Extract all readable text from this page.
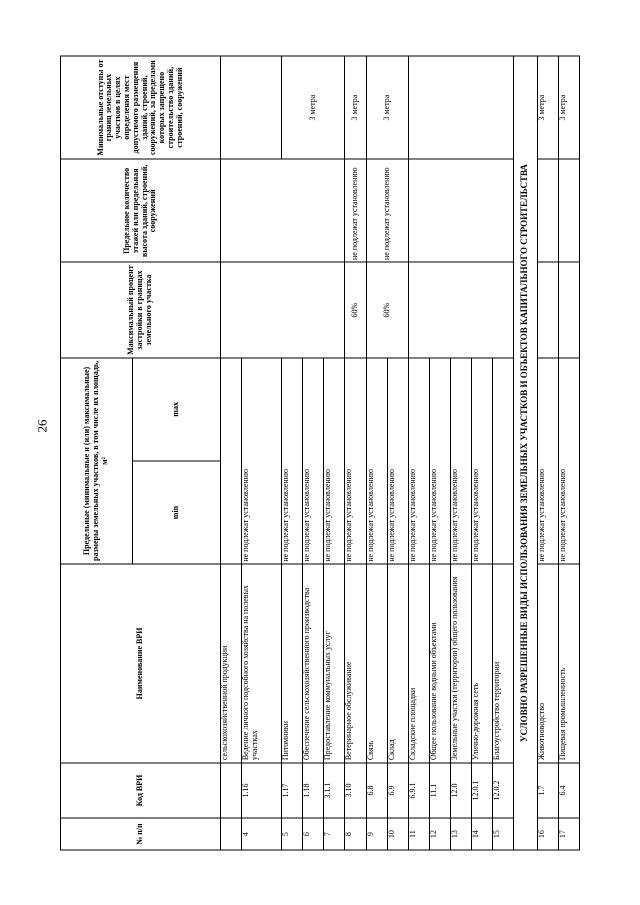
26
№ п/п	Код ВРИ	Наименование ВРИ	Предельные (минимальные и (или) максимальные) размеры земельных участков, в том числе их площадь, м²		Максимальный процент застройки в границах земельного участка	Предельное количество этажей или предельная высота зданий, строений, сооружений	Минимальные отступы от границ земельных участков в целях определения мест допустимого размещения зданий, строений, сооружений, за пределами которых запрещено строительство зданий, строений, сооружений
			min	max			
		сельскохозяйственной продукции					
4	1.16	Ведение личного подсобного хозяйства на полевых участках	не подлежат установлению				
5	1.17	Питомники	не подлежат установлению				3 метра
6	1.18	Обеспечение сельскохозяйственного производства	не подлежат установлению				
7	3.1.1	Предоставление коммунальных услуг	не подлежат установлению				
8	3.10	Ветеринарное обслуживание	не подлежат установлению		60%	не подлежат установлению	3 метра
9	6.8	Связь	не подлежат установлению		60%	не подлежат установлению	3 метра
10	6.9	Склад	не подлежат установлению				
11	6.9.1	Складские площадки	не подлежат установлению				
12	11.1	Общее пользование водными объектами	не подлежат установлению				
13	12.0	Земельные участки (территории) общего пользования	не подлежат установлению				
14	12.0.1	Улично-дорожная сеть	не подлежат установлению				
15	12.0.2	Благоустройство территории					
УСЛОВНО РАЗРЕШЕННЫЕ ВИДЫ ИСПОЛЬЗОВАНИЯ ЗЕМЕЛЬНЫХ УЧАСТКОВ И ОБЪЕКТОВ КАПИТАЛЬНОГО СТРОИТЕЛЬСТВА							
16	1.7	Животноводство	не подлежат установлению				3 метра
17	6.4	Пищевая промышленность	не подлежат установлению				3 метра
